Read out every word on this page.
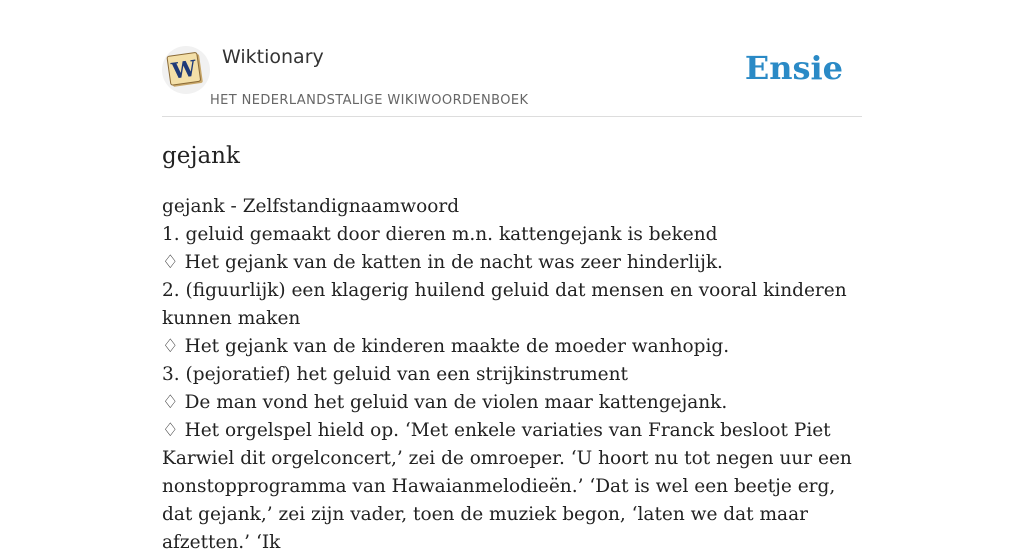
W Wiktionary
HET NEDERLANDSTALIGE WIKIWOORDENBOEK
Ensie
gejank
gejank - Zelfstandignaamwoord
1. geluid gemaakt door dieren m.n. kattengejank is bekend
♢ Het gejank van de katten in de nacht was zeer hinderlijk.
2. (figuurlijk) een klagerig huilend geluid dat mensen en vooral kinderen kunnen maken
♢ Het gejank van de kinderen maakte de moeder wanhopig.
3. (pejoratief) het geluid van een strijkinstrument
♢ De man vond het geluid van de violen maar kattengejank.
♢ Het orgelspel hield op. ‘Met enkele variaties van Franck besloot Piet Karwiel dit orgelconcert,’ zei de omroeper. ‘U hoort nu tot negen uur een nonstopprogramma van Hawaianmelodieën.’ ‘Dat is wel een beetje erg, dat gejank,’ zei zijn vader, toen de muziek begon, ‘laten we dat maar afzetten.’ ‘Ik
